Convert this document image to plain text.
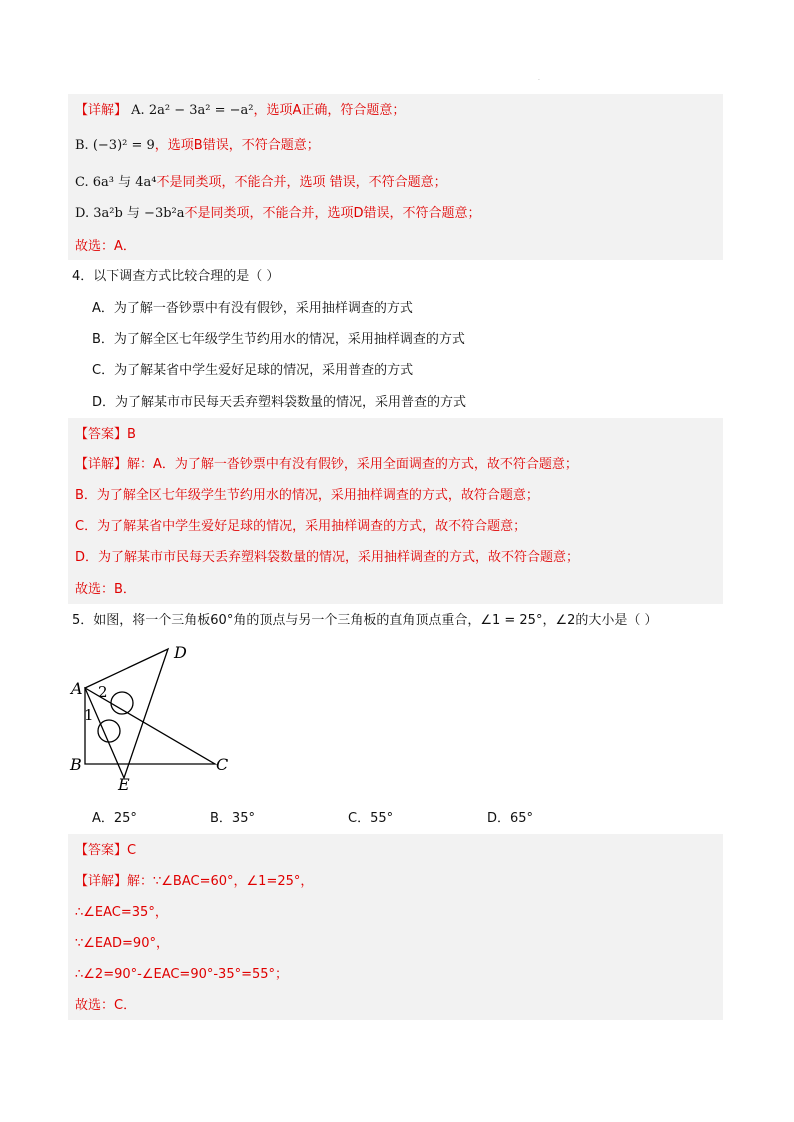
·
【详解】 A. 2a² − 3a² = −a²，选项A正确，符合题意；
B. (−3)² = 9，选项B错误，不符合题意；
C. 6a³ 与 4a⁴不是同类项，不能合并，选项 错误，不符合题意；
D. 3a²b 与 −3b²a不是同类项，不能合并，选项D错误，不符合题意；
故选：A．
4．以下调查方式比较合理的是（ ）
A．为了解一沓钞票中有没有假钞，采用抽样调查的方式
B．为了解全区七年级学生节约用水的情况，采用抽样调查的方式
C．为了解某省中学生爱好足球的情况，采用普查的方式
D．为了解某市市民每天丢弃塑料袋数量的情况，采用普查的方式
【答案】B
【详解】解：A．为了解一沓钞票中有没有假钞，采用全面调查的方式，故不符合题意；
B．为了解全区七年级学生节约用水的情况，采用抽样调查的方式，故符合题意；
C．为了解某省中学生爱好足球的情况，采用抽样调查的方式，故不符合题意；
D．为了解某市市民每天丢弃塑料袋数量的情况，采用抽样调查的方式，故不符合题意；
故选：B．
5．如图，将一个三角板60°角的顶点与另一个三角板的直角顶点重合，∠1 = 25°，∠2的大小是（ ）
A
B	C
D
E
1
2
A．25°	B．35°	C．55°	D．65°
【答案】C
【详解】解：∵∠BAC=60°，∠1=25°，
∴∠EAC=35°，
∵∠EAD=90°，
∴∠2=90°-∠EAC=90°-35°=55°；
故选：C．
